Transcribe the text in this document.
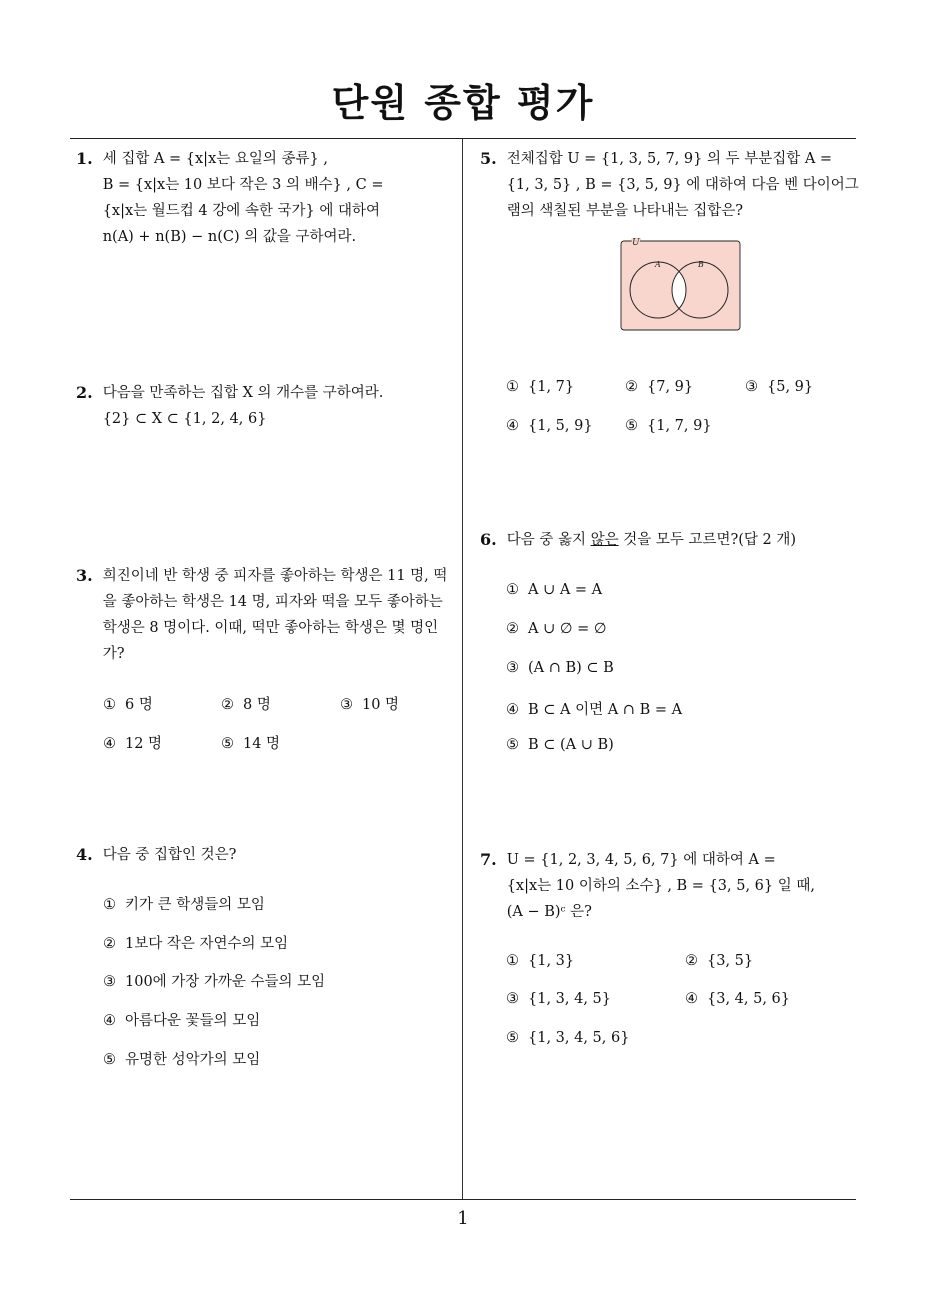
단원 종합 평가
1
1. 세 집합 A = {x|x는 요일의 종류} ,
B = {x|x는 10 보다 작은 3 의 배수} , C =
{x|x는 월드컵 4 강에 속한 국가} 에 대하여
n(A) + n(B) − n(C) 의 값을 구하여라.
2. 다음을 만족하는 집합 X 의 개수를 구하여라.
{2} ⊂ X ⊂ {1, 2, 4, 6}
3. 희진이네 반 학생 중 피자를 좋아하는 학생은 11 명, 떡
을 좋아하는 학생은 14 명, 피자와 떡을 모두 좋아하는
학생은 8 명이다. 이때, 떡만 좋아하는 학생은 몇 명인
가?
① 6 명	② 8 명	③ 10 명
④ 12 명	⑤ 14 명
4. 다음 중 집합인 것은?
① 키가 큰 학생들의 모임
② 1보다 작은 자연수의 모임
③ 100에 가장 가까운 수들의 모임
④ 아름다운 꽃들의 모임
⑤ 유명한 성악가의 모임
5. 전체집합 U = {1, 3, 5, 7, 9} 의 두 부분집합 A =
{1, 3, 5} , B = {3, 5, 9} 에 대하여 다음 벤 다이어그
램의 색칠된 부분을 나타내는 집합은?
U
A	B
① {1, 7}	② {7, 9}	③ {5, 9}
④ {1, 5, 9} ⑤ {1, 7, 9}
6. 다음 중 옳지 않은 것을 모두 고르면?(답 2 개)
① A ∪ A = A
② A ∪ ∅ = ∅
③ (A ∩ B) ⊂ B
④ B ⊂ A 이면 A ∩ B = A
⑤ B ⊂ (A ∪ B)
7. U = {1, 2, 3, 4, 5, 6, 7} 에 대하여 A =
{x|x는 10 이하의 소수} , B = {3, 5, 6} 일 때,
(A − B)ᶜ 은?
① {1, 3}	② {3, 5}
③ {1, 3, 4, 5}	④ {3, 4, 5, 6}
⑤ {1, 3, 4, 5, 6}
